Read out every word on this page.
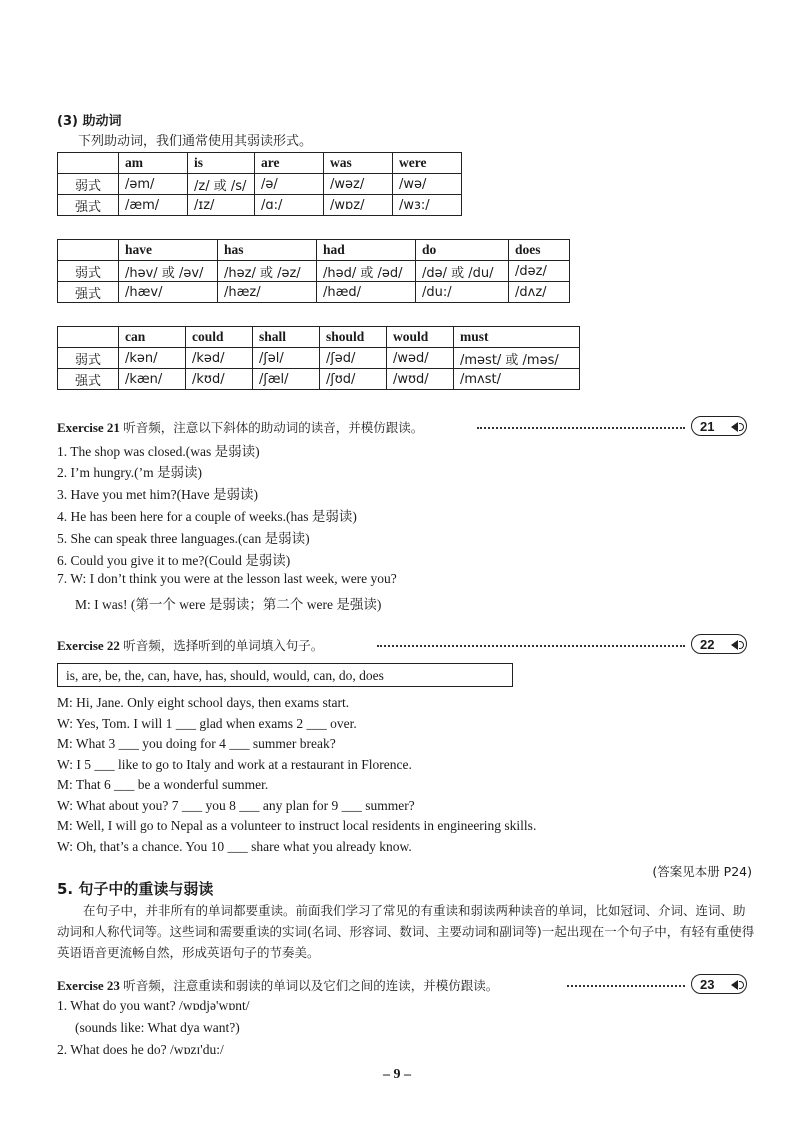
(3) 助动词
下列助动词，我们通常使用其弱读形式。
	am	is	are	was	were
弱式	/əm/	/z/ 或 /s/	/ə/	/wəz/	/wə/
强式	/æm/	/ɪz/	/ɑ:/	/wɒz/	/wɜ:/
	have	has	had	do	does
弱式	/həv/ 或 /əv/	/həz/ 或 /əz/	/həd/ 或 /əd/	/də/ 或 /du/	/dəz/
强式	/hæv/	/hæz/	/hæd/	/du:/	/dʌz/
	can	could	shall	should	would	must
弱式	/kən/	/kəd/	/ʃəl/	/ʃəd/	/wəd/	/məst/ 或 /məs/
强式	/kæn/	/kʊd/	/ʃæl/	/ʃʊd/	/wʊd/	/mʌst/
Exercise 21 听音频，注意以下斜体的助动词的读音，并模仿跟读。	21
1. The shop was closed.(was 是弱读)
2. I’m hungry.(’m 是弱读)
3. Have you met him?(Have 是弱读)
4. He has been here for a couple of weeks.(has 是弱读)
5. She can speak three languages.(can 是弱读)
6. Could you give it to me?(Could 是弱读)
7. W: I don’t think you were at the lesson last week, were you?
M: I was! (第一个 were 是弱读；第二个 were 是强读)
Exercise 22 听音频，选择听到的单词填入句子。	22
is, are, be, the, can, have, has, should, would, can, do, does
M: Hi, Jane. Only eight school days, then exams start.
W: Yes, Tom. I will 1 ___ glad when exams 2 ___ over.
M: What 3 ___ you doing for 4 ___ summer break?
W: I 5 ___ like to go to Italy and work at a restaurant in Florence.
M: That 6 ___ be a wonderful summer.
W: What about you? 7 ___ you 8 ___ any plan for 9 ___ summer?
M: Well, I will go to Nepal as a volunteer to instruct local residents in engineering skills.
W: Oh, that’s a chance. You 10 ___ share what you already know.
(答案见本册 P24)
5. 句子中的重读与弱读
在句子中，并非所有的单词都要重读。前面我们学习了常见的有重读和弱读两种读音的单词，比如冠词、介词、连词、助动词和人称代词等。这些词和需要重读的实词(名词、形容词、数词、主要动词和副词等)一起出现在一个句子中，有轻有重使得英语语音更流畅自然，形成英语句子的节奏美。
Exercise 23 听音频，注意重读和弱读的单词以及它们之间的连读，并模仿跟读。	23
1. What do you want? /wɒdjə'wɒnt/
(sounds like: What dya want?)
2. What does he do? /wɒzɪ'du:/
– 9 –
